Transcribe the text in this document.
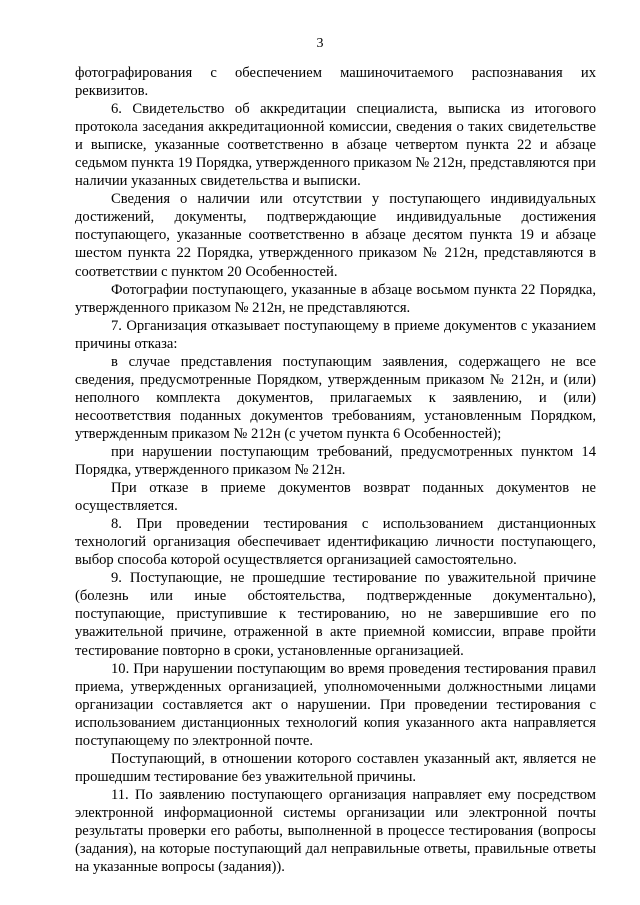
3

фотографирования с обеспечением машиночитаемого распознавания их реквизитов.

6. Свидетельство об аккредитации специалиста, выписка из итогового протокола заседания аккредитационной комиссии, сведения о таких свидетельстве и выписке, указанные соответственно в абзаце четвертом пункта 22 и абзаце седьмом пункта 19 Порядка, утвержденного приказом № 212н, представляются при наличии указанных свидетельства и выписки.

Сведения о наличии или отсутствии у поступающего индивидуальных достижений, документы, подтверждающие индивидуальные достижения поступающего, указанные соответственно в абзаце десятом пункта 19 и абзаце шестом пункта 22 Порядка, утвержденного приказом № 212н, представляются в соответствии с пунктом 20 Особенностей.

Фотографии поступающего, указанные в абзаце восьмом пункта 22 Порядка, утвержденного приказом № 212н, не представляются.

7. Организация отказывает поступающему в приеме документов с указанием причины отказа:

в случае представления поступающим заявления, содержащего не все сведения, предусмотренные Порядком, утвержденным приказом № 212н, и (или) неполного комплекта документов, прилагаемых к заявлению, и (или) несоответствия поданных документов требованиям, установленным Порядком, утвержденным приказом № 212н (с учетом пункта 6 Особенностей);

при нарушении поступающим требований, предусмотренных пунктом 14 Порядка, утвержденного приказом № 212н.

При отказе в приеме документов возврат поданных документов не осуществляется.

8. При проведении тестирования с использованием дистанционных технологий организация обеспечивает идентификацию личности поступающего, выбор способа которой осуществляется организацией самостоятельно.

9. Поступающие, не прошедшие тестирование по уважительной причине (болезнь или иные обстоятельства, подтвержденные документально), поступающие, приступившие к тестированию, но не завершившие его по уважительной причине, отраженной в акте приемной комиссии, вправе пройти тестирование повторно в сроки, установленные организацией.

10. При нарушении поступающим во время проведения тестирования правил приема, утвержденных организацией, уполномоченными должностными лицами организации составляется акт о нарушении. При проведении тестирования с использованием дистанционных технологий копия указанного акта направляется поступающему по электронной почте.

Поступающий, в отношении которого составлен указанный акт, является не прошедшим тестирование без уважительной причины.

11. По заявлению поступающего организация направляет ему посредством электронной информационной системы организации или электронной почты результаты проверки его работы, выполненной в процессе тестирования (вопросы (задания), на которые поступающий дал неправильные ответы, правильные ответы на указанные вопросы (задания)).
